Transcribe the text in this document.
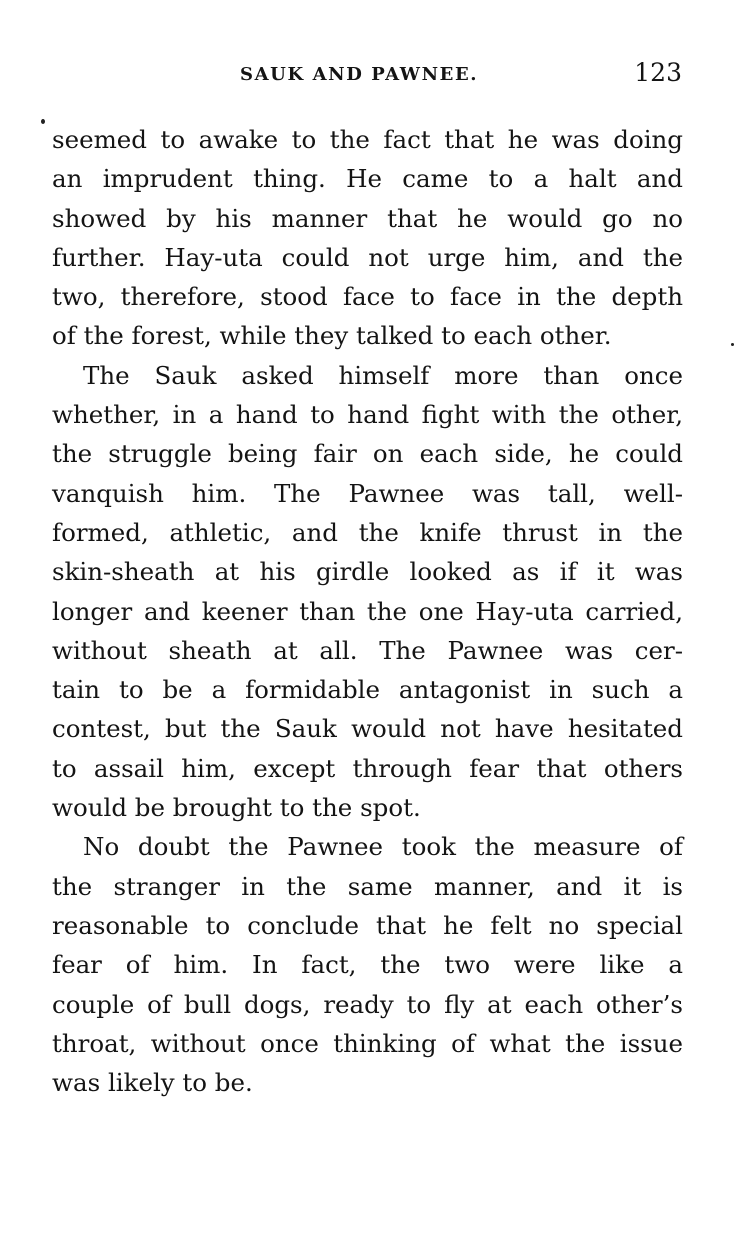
SAUK AND PAWNEE.	123
seemed to awake to the fact that he was doing
an imprudent thing. He came to a halt and
showed by his manner that he would go no
further. Hay-uta could not urge him, and the
two, therefore, stood face to face in the depth
of the forest, while they talked to each other.
The Sauk asked himself more than once
whether, in a hand to hand fight with the other,
the struggle being fair on each side, he could
vanquish him. The Pawnee was tall, well-
formed, athletic, and the knife thrust in the
skin-sheath at his girdle looked as if it was
longer and keener than the one Hay-uta carried,
without sheath at all. The Pawnee was cer-
tain to be a formidable antagonist in such a
contest, but the Sauk would not have hesitated
to assail him, except through fear that others
would be brought to the spot.
No doubt the Pawnee took the measure of
the stranger in the same manner, and it is
reasonable to conclude that he felt no special
fear of him. In fact, the two were like a
couple of bull dogs, ready to fly at each other’s
throat, without once thinking of what the issue
was likely to be.
